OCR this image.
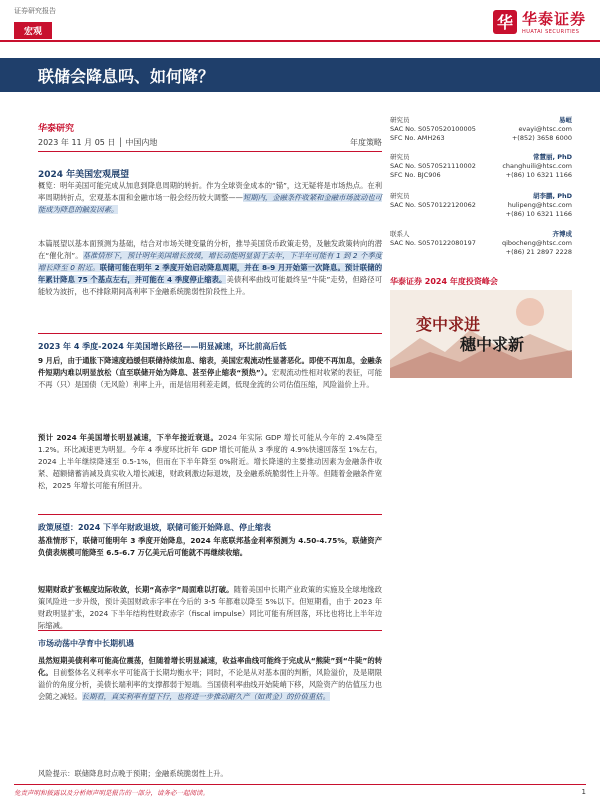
证券研究报告
宏观	华 华泰证券
HUATAI SECURITIES
联储会降息吗、如何降？
华泰研究
2023 年 11 月 05 日 │ 中国内地	年度策略
2024 年美国宏观展望
概览：明年美国可能完成从加息到降息周期的转折。作为全球资金成本的“锚”，这无疑将是市场热点。在利率周期转折点，宏观基本面和金融市场一般会经历较大调整——短期内，金融条件收紧和金融市场波动也可能成为降息的触发因素。
本篇展望以基本面预测为基础，结合对市场关键变量的分析，推导美国货币政策走势，及触发政策转向的潜在“催化剂”。基准情形下，预计明年美国增长放缓，增长动能明显弱于去年，下半年可能有 1 到 2 个季度增长降至 0 附近。联储可能在明年 2 季度开始启动降息周期，并在 8-9 月开始第一次降息。预计联储的年累计降息 75 个基点左右，并可能在 4 季度停止缩表。美债利率曲线可能最终呈“牛陡”走势，但路径可能较为波折，也不排除期间高利率下金融系统脆弱性阶段性上升。
2023 年 4 季度-2024 年美国增长路径——明显减速，环比前高后低
9 月后，由于通胀下降速度趋缓但联储持续加息、缩表，美国宏观流动性显著恶化。即使不再加息，金融条件短期内难以明显放松（直至联储开始为降息、甚至停止缩表“预热”）。宏观流动性相对收紧的表征，可能不再（只）是国债（无风险）利率上升，而是信用利差走阔，低现金流的公司估值压缩，风险溢价上升。
预计 2024 年美国增长明显减速，下半年接近衰退。2024 年实际 GDP 增长可能从今年的 2.4%降至 1.2%。环比减速更为明显。今年 4 季度环比折年 GDP 增长可能从 3 季度的 4.9%快速回落至 1%左右，2024 上半年继续降速至 0.5-1%，但而在下半年降至 0%附近。增长降速的主要推动因素为金融条件收紧、超额储蓄消减及真实收入增长减速，财政刺激边际退坡，及金融系统脆弱性上升等。但随着金融条件宽松，2025 年增长可能有所回升。
政策展望：2024 下半年财政退坡，联储可能开始降息、停止缩表
基准情形下，联储可能明年 3 季度开始降息，2024 年底联邦基金利率预测为 4.50-4.75%，联储资产负债表规模可能降至 6.5-6.7 万亿美元后可能就不再继续收缩。
短期财政扩张幅度边际收敛，长期“高赤字”局面难以打破。随着美国中长期产业政策的实施及全球地缘政策风险进一步升级，预计美国财政赤字率在今后的 3-5 年都难以降至 5%以下。但短期看，由于 2023 年财政明显扩张，2024 下半年结构性财政赤字（fiscal impulse）同比可能有所回落，环比也将比上半年边际缩减。
市场动荡中孕育中长期机遇
虽然短期美债利率可能高位震荡，但随着增长明显减速，收益率曲线可能终于完成从“熊陡”到“牛陡”的转化。目前整体名义利率水平可能高于长期均衡水平；同时，不论是从对基本面的判断，风险溢价，及是期限溢价的角度分析，美债长端利率的支撑都弱于短端。当国债利率曲线开始陡峭下移，风险资产的估值压力也会随之减轻。长期看，真实利率有望下行，也将进一步推动耐久产（如黄金）的价值重估。
风险提示：联储降息时点晚于预期；金融系统脆弱性上升。
研究员	易峘
SAC No. S0570520100005	evayi@htsc.com
SFC No. AMH263	+(852) 3658 6000
研究员	常慧丽, PhD
SAC No. S0570521110002	changhuili@htsc.com
SFC No. BJC906	+(86) 10 6321 1166
研究员	胡李鹏, PhD
SAC No. S0570122120062	hulipeng@htsc.com
+(86) 10 6321 1166
联系人	齐博成
SAC No. S0570122080197	qibocheng@htsc.com
+(86) 21 2897 2228
华泰证券 2024 年度投资峰会
变中求进
穗中求新
免责声明和披露以及分析师声明是报告的一部分，请务必一起阅读。	1
